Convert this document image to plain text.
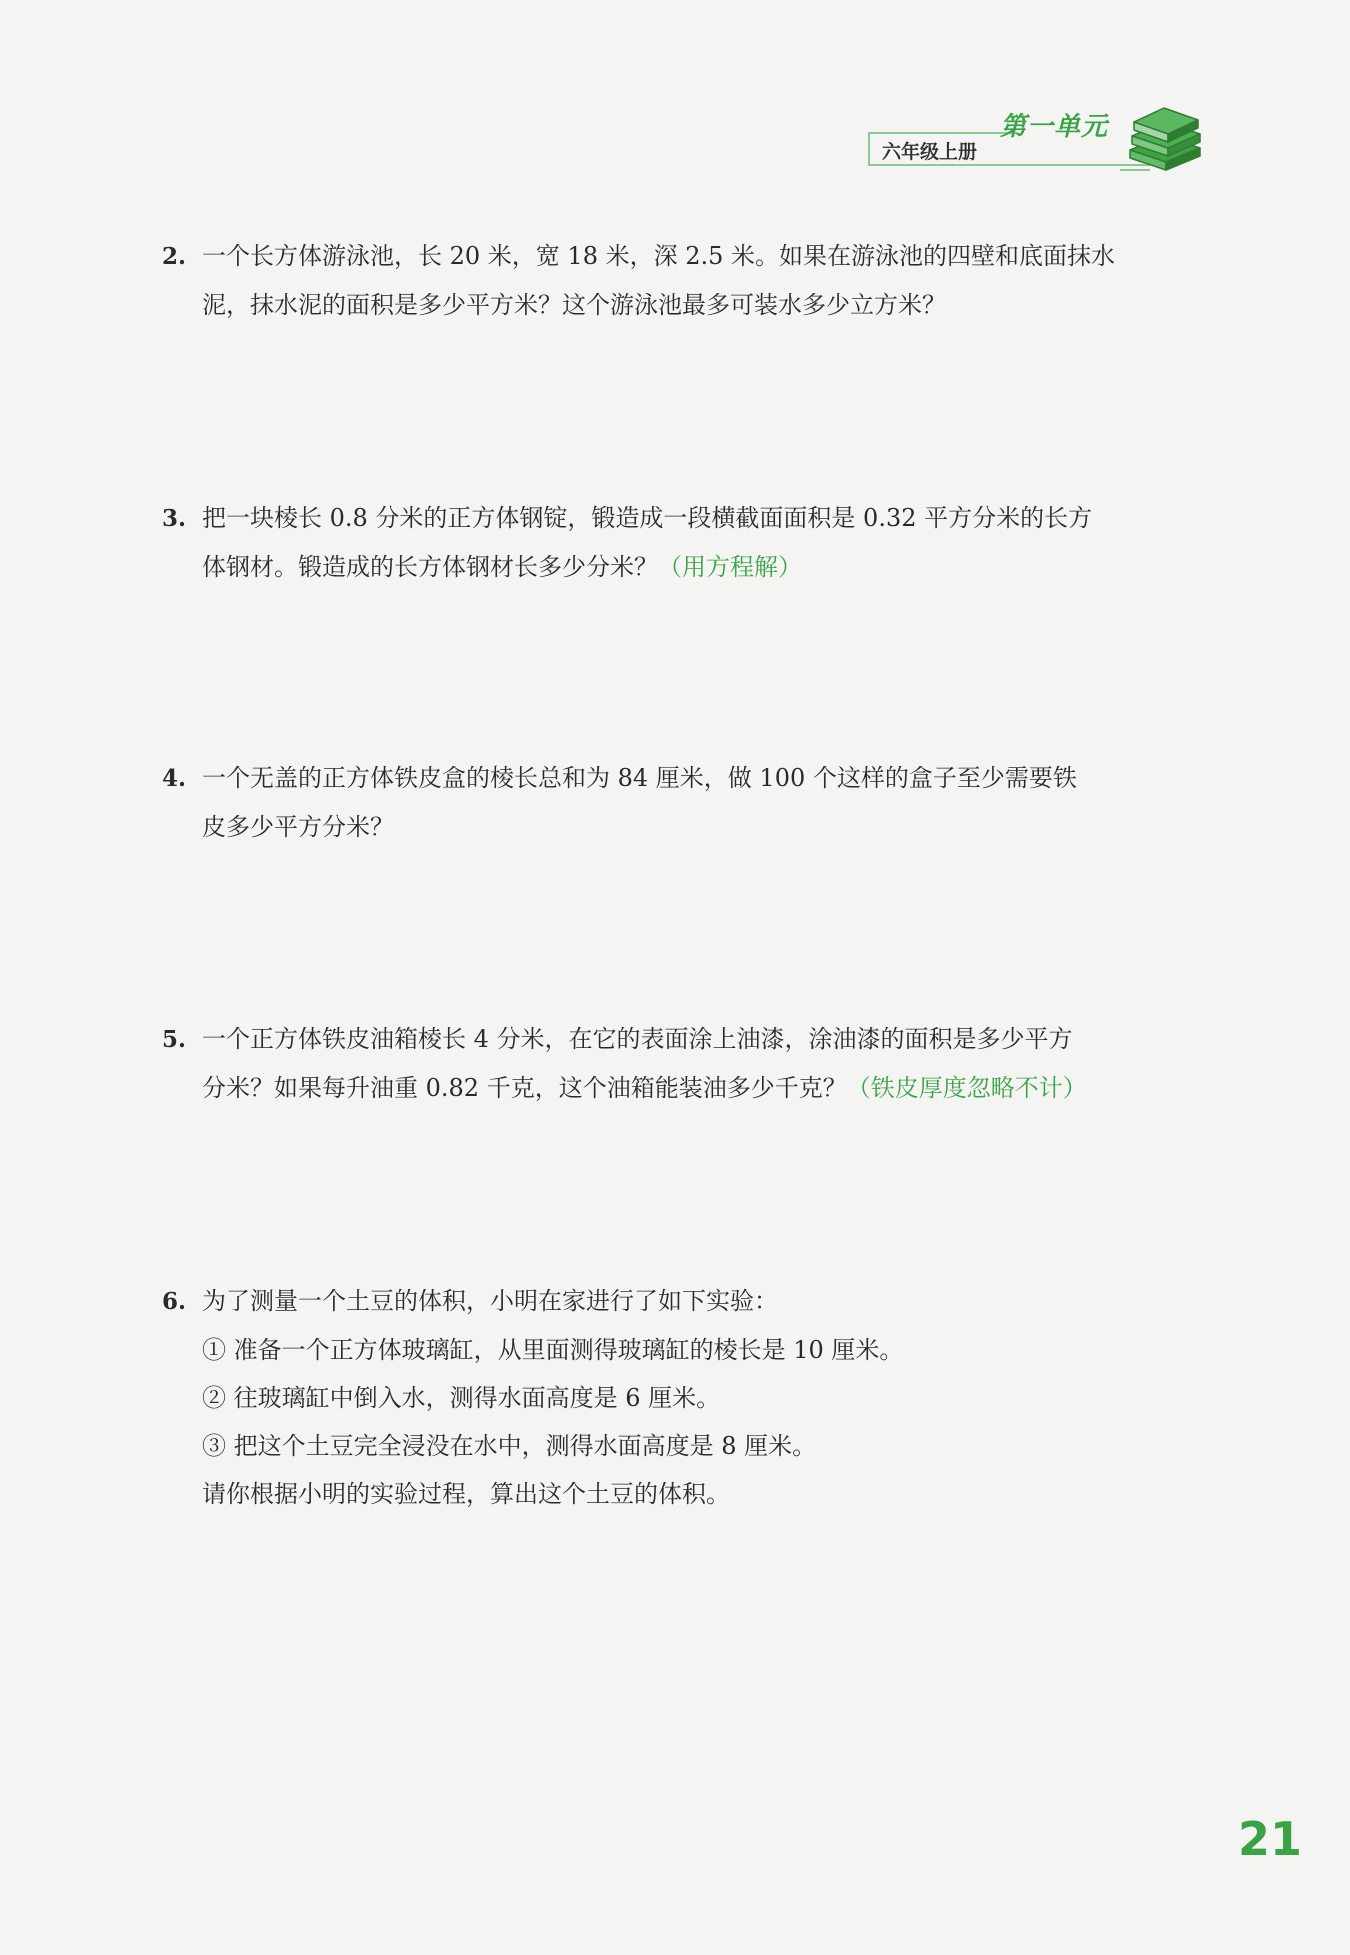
六年级上册
第一单元
2. 一个长方体游泳池，长 20 米，宽 18 米，深 2.5 米。如果在游泳池的四壁和底面抹水
泥，抹水泥的面积是多少平方米？这个游泳池最多可装水多少立方米？
3. 把一块棱长 0.8 分米的正方体钢锭，锻造成一段横截面面积是 0.32 平方分米的长方
体钢材。锻造成的长方体钢材长多少分米？（用方程解）
4. 一个无盖的正方体铁皮盒的棱长总和为 84 厘米，做 100 个这样的盒子至少需要铁
皮多少平方分米？
5. 一个正方体铁皮油箱棱长 4 分米，在它的表面涂上油漆，涂油漆的面积是多少平方
分米？如果每升油重 0.82 千克，这个油箱能装油多少千克？（铁皮厚度忽略不计）
6. 为了测量一个土豆的体积，小明在家进行了如下实验：
① 准备一个正方体玻璃缸，从里面测得玻璃缸的棱长是 10 厘米。
② 往玻璃缸中倒入水，测得水面高度是 6 厘米。
③ 把这个土豆完全浸没在水中，测得水面高度是 8 厘米。
请你根据小明的实验过程，算出这个土豆的体积。
21
